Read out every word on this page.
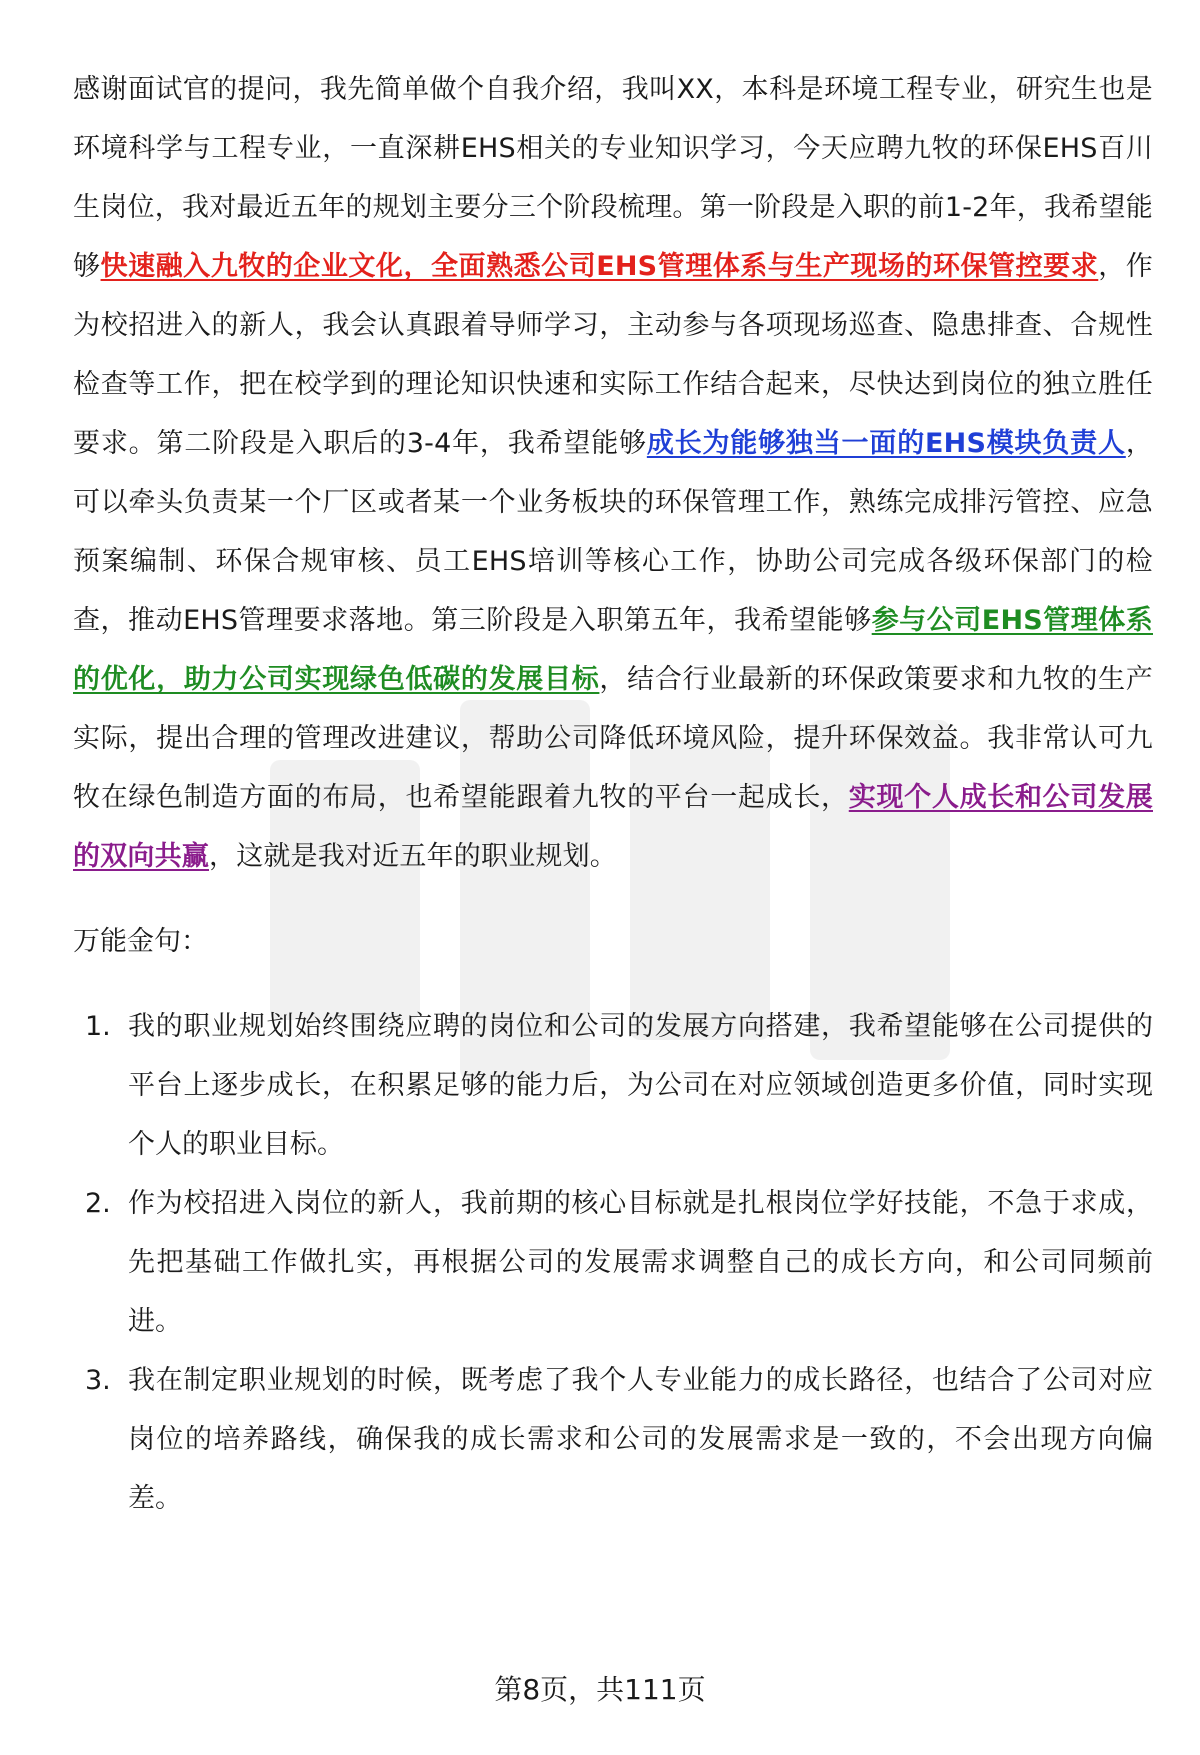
感谢面试官的提问，我先简单做个自我介绍，我叫XX，本科是环境工程专业，研究生也是环境科学与工程专业，一直深耕EHS相关的专业知识学习，今天应聘九牧的环保EHS百川生岗位，我对最近五年的规划主要分三个阶段梳理。第一阶段是入职的前1-2年，我希望能够快速融入九牧的企业文化，全面熟悉公司EHS管理体系与生产现场的环保管控要求，作为校招进入的新人，我会认真跟着导师学习，主动参与各项现场巡查、隐患排查、合规性检查等工作，把在校学到的理论知识快速和实际工作结合起来，尽快达到岗位的独立胜任要求。第二阶段是入职后的3-4年，我希望能够成长为能够独当一面的EHS模块负责人，可以牵头负责某一个厂区或者某一个业务板块的环保管理工作，熟练完成排污管控、应急预案编制、环保合规审核、员工EHS培训等核心工作，协助公司完成各级环保部门的检查，推动EHS管理要求落地。第三阶段是入职第五年，我希望能够参与公司EHS管理体系的优化，助力公司实现绿色低碳的发展目标，结合行业最新的环保政策要求和九牧的生产实际，提出合理的管理改进建议，帮助公司降低环境风险，提升环保效益。我非常认可九牧在绿色制造方面的布局，也希望能跟着九牧的平台一起成长，实现个人成长和公司发展的双向共赢，这就是我对近五年的职业规划。

万能金句：

1. 我的职业规划始终围绕应聘的岗位和公司的发展方向搭建，我希望能够在公司提供的平台上逐步成长，在积累足够的能力后，为公司在对应领域创造更多价值，同时实现个人的职业目标。
2. 作为校招进入岗位的新人，我前期的核心目标就是扎根岗位学好技能，不急于求成，先把基础工作做扎实，再根据公司的发展需求调整自己的成长方向，和公司同频前进。
3. 我在制定职业规划的时候，既考虑了我个人专业能力的成长路径，也结合了公司对应岗位的培养路线，确保我的成长需求和公司的发展需求是一致的，不会出现方向偏差。
第8页，共111页
